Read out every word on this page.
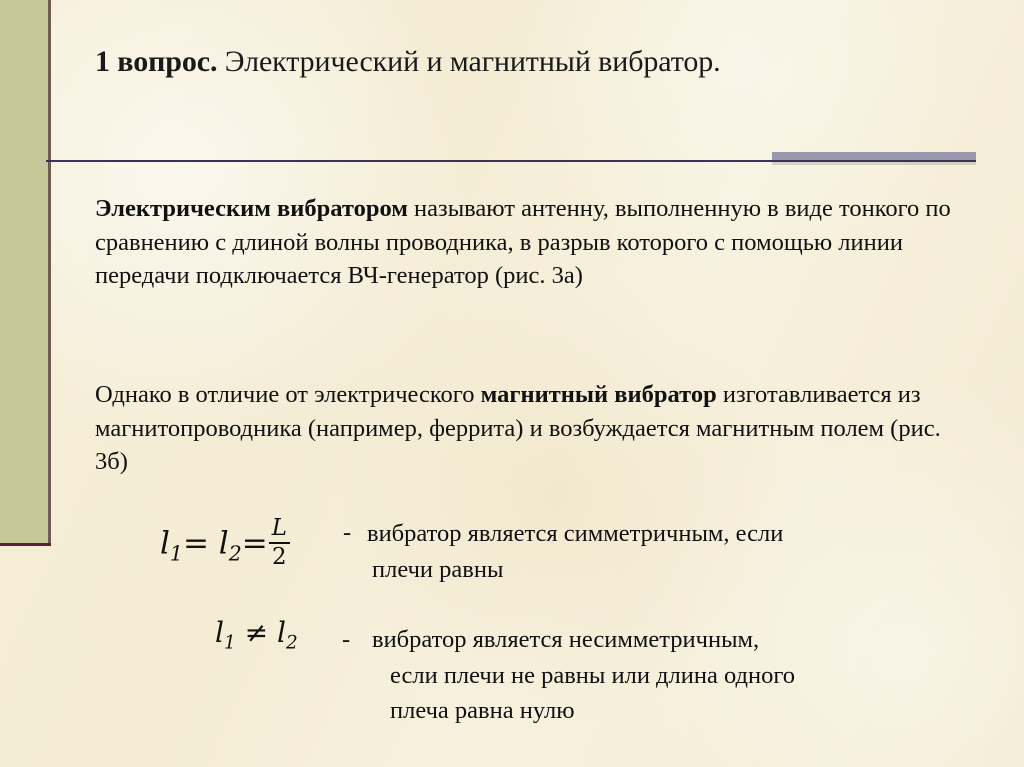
1 вопрос. Электрический и магнитный вибратор.
Электрическим вибратором называют антенну, выполненную в виде тонкого по сравнению с длиной волны проводника, в разрыв которого с помощью линии передачи подключается ВЧ-генератор (рис. 3а)
Однако в отличие от электрического магнитный вибратор изготавливается из магнитопроводника (например, феррита) и возбуждается магнитным полем (рис. 3б)
$l_1= l_2= \frac{L}{2}$ - вибратор является симметричным, если
плечи равны
$l_1 \ne l_2$ - вибратор является несимметричным,
если плечи не равны или длина одного
плеча равна нулю
